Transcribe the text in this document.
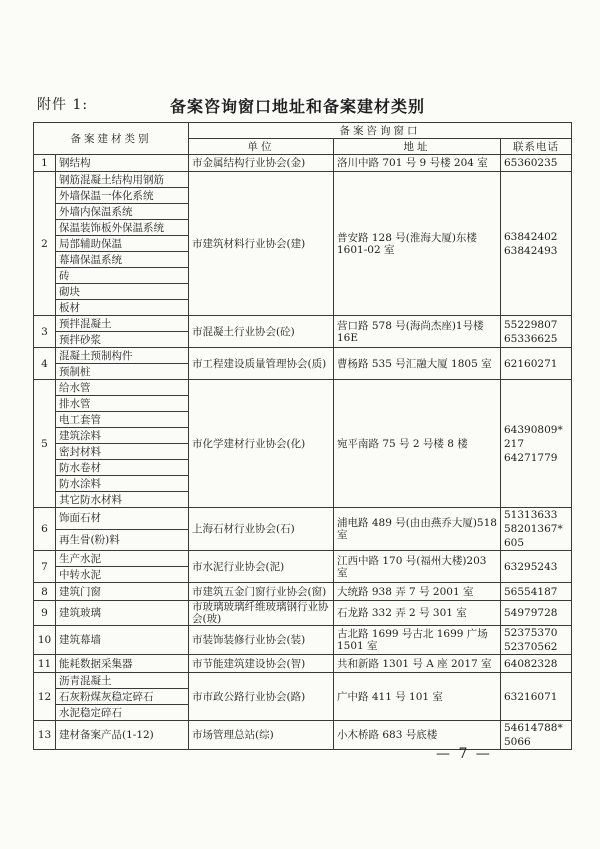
附件 1:	备案咨询窗口地址和备案建材类别
备案建材类别		备案咨询窗口		
		单位	地址	联系电话
1	钢结构	市金属结构行业协会(金)	洛川中路 701 号 9 号楼 204 室	65360235

2	钢筋混凝土结构用钢筋	市建筑材料行业协会(建)	普安路 128 号(淮海大厦)东楼 1601-02 室	63842402
63842493

	外墙保温一体化系统			
	外墙内保温系统			
	保温装饰板外保温系统			
	局部辅助保温			
	幕墙保温系统			
	砖			
	砌块			
	板材			
3	预拌混凝土	市混凝土行业协会(砼)	营口路 578 号(海尚杰座)1号楼 16E	55229807
65336625

	预拌砂浆			
4	混凝土预制构件	市工程建设质量管理协会(质)	曹杨路 535 号汇融大厦 1805 室	62160271

	预制桩			
5	给水管	市化学建材行业协会(化)	宛平南路 75 号 2 号楼 8 楼	64390809*
217
64271779

	排水管			
	电工套管			
	建筑涂料			
	密封材料			
	防水卷材			
	防水涂料			
	其它防水材料			
6	饰面石材	上海石材行业协会(石)	浦电路 489 号(由由燕乔大厦)518 室	51313633
58201367*
605

	再生骨(粉)料			
7	生产水泥	市水泥行业协会(泥)	江西中路 170 号(福州大楼)203 室	63295243

	中转水泥			
8	建筑门窗	市建筑五金门窗行业协会(窗)	大统路 938 弄 7 号 2001 室	56554187

9	建筑玻璃	市玻璃玻璃纤维玻璃钢行业协会(玻)	石龙路 332 弄 2 号 301 室	54979728

10	建筑幕墙	市装饰装修行业协会(装)	古北路 1699 号古北 1699 广场 1501 室	52375370
52370562

11	能耗数据采集器	市节能建筑建设协会(智)	共和新路 1301 号 A 座 2017 室	64082328

12	沥青混凝土	市市政公路行业协会(路)	广中路 411 号 101 室	63216071

	石灰粉煤灰稳定碎石			
	水泥稳定碎石			
13	建材备案产品(1-12)	市场管理总站(综)	小木桥路 683 号底楼	54614788*
5066
— 7 —
